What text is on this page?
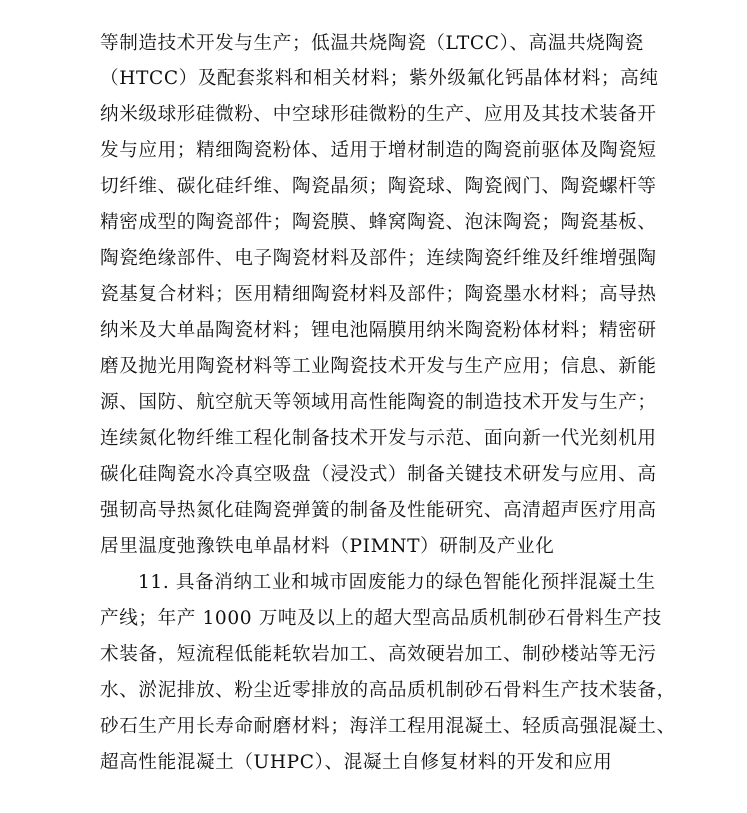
等制造技术开发与生产；低温共烧陶瓷（LTCC）、高温共烧陶瓷
（HTCC）及配套浆料和相关材料；紫外级氟化钙晶体材料；高纯
纳米级球形硅微粉、中空球形硅微粉的生产、应用及其技术装备开
发与应用；精细陶瓷粉体、适用于增材制造的陶瓷前驱体及陶瓷短
切纤维、碳化硅纤维、陶瓷晶须；陶瓷球、陶瓷阀门、陶瓷螺杆等
精密成型的陶瓷部件；陶瓷膜、蜂窝陶瓷、泡沫陶瓷；陶瓷基板、
陶瓷绝缘部件、电子陶瓷材料及部件；连续陶瓷纤维及纤维增强陶
瓷基复合材料；医用精细陶瓷材料及部件；陶瓷墨水材料；高导热
纳米及大单晶陶瓷材料；锂电池隔膜用纳米陶瓷粉体材料；精密研
磨及抛光用陶瓷材料等工业陶瓷技术开发与生产应用；信息、新能
源、国防、航空航天等领域用高性能陶瓷的制造技术开发与生产；
连续氮化物纤维工程化制备技术开发与示范、面向新一代光刻机用
碳化硅陶瓷水冷真空吸盘（浸没式）制备关键技术研发与应用、高
强韧高导热氮化硅陶瓷弹簧的制备及性能研究、高清超声医疗用高
居里温度弛豫铁电单晶材料（PIMNT）研制及产业化
11. 具备消纳工业和城市固废能力的绿色智能化预拌混凝土生
产线；年产 1000 万吨及以上的超大型高品质机制砂石骨料生产技
术装备，短流程低能耗软岩加工、高效硬岩加工、制砂楼站等无污
水、淤泥排放、粉尘近零排放的高品质机制砂石骨料生产技术装备，
砂石生产用长寿命耐磨材料；海洋工程用混凝土、轻质高强混凝土、
超高性能混凝土（UHPC）、混凝土自修复材料的开发和应用
